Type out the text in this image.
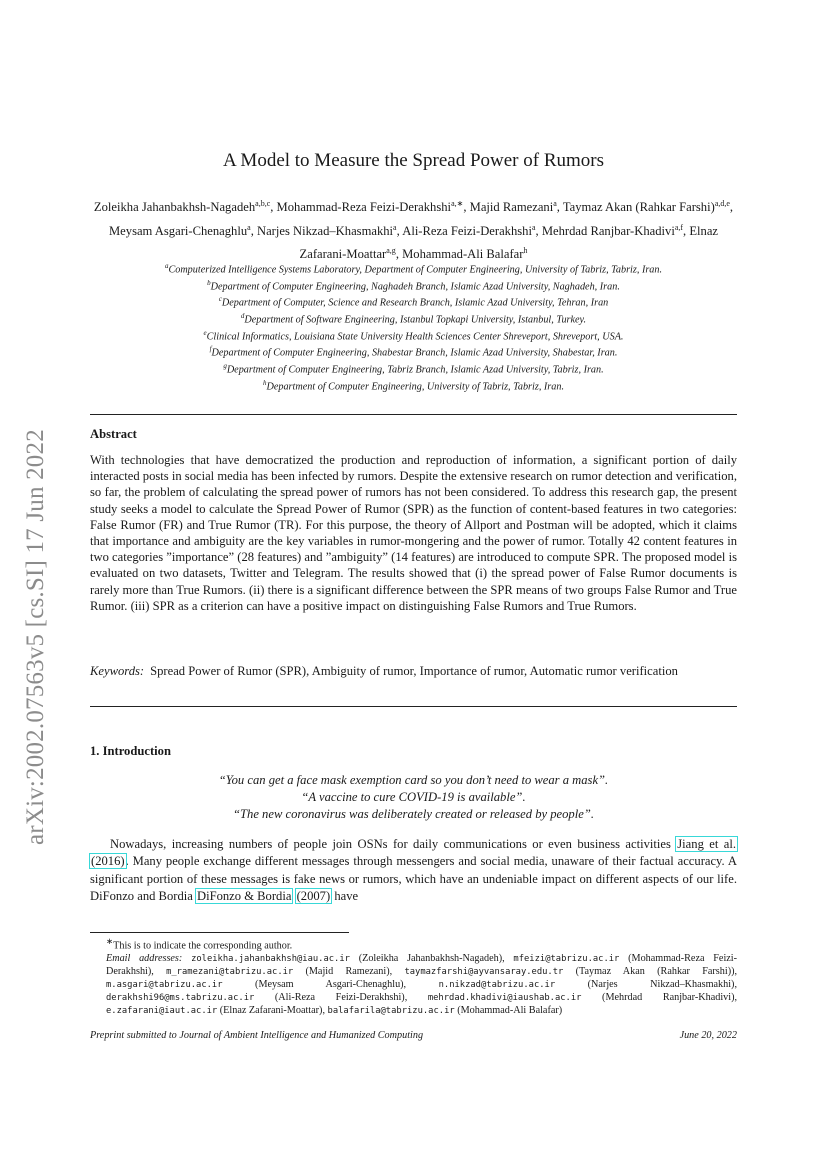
arXiv:2002.07563v5 [cs.SI] 17 Jun 2022
A Model to Measure the Spread Power of Rumors
Zoleikha Jahanbakhsh-Nagadeh$^{a,b,c}$, Mohammad-Reza Feizi-Derakhshi$^{a,∗}$, Majid Ramezani$^a$, Taymaz Akan (Rahkar Farshi)$^{a,d,e}$, Meysam Asgari-Chenaghlu$^a$, Narjes Nikzad–Khasmakhi$^a$, Ali-Reza Feizi-Derakhshi$^a$, Mehrdad Ranjbar-Khadivi$^{a,f}$, Elnaz Zafarani-Moattar$^{a,g}$, Mohammad-Ali Balafar$^h$
$^a$Computerized Intelligence Systems Laboratory, Department of Computer Engineering, University of Tabriz, Tabriz, Iran.
$^b$Department of Computer Engineering, Naghadeh Branch, Islamic Azad University, Naghadeh, Iran.
$^c$Department of Computer, Science and Research Branch, Islamic Azad University, Tehran, Iran
$^d$Department of Software Engineering, Istanbul Topkapi University, Istanbul, Turkey.
$^e$Clinical Informatics, Louisiana State University Health Sciences Center Shreveport, Shreveport, USA.
$^f$Department of Computer Engineering, Shabestar Branch, Islamic Azad University, Shabestar, Iran.
$^g$Department of Computer Engineering, Tabriz Branch, Islamic Azad University, Tabriz, Iran.
$^h$Department of Computer Engineering, University of Tabriz, Tabriz, Iran.
Abstract
With technologies that have democratized the production and reproduction of information, a significant portion of daily interacted posts in social media has been infected by rumors. Despite the extensive research on rumor detection and verification, so far, the problem of calculating the spread power of rumors has not been considered. To address this research gap, the present study seeks a model to calculate the Spread Power of Rumor (SPR) as the function of content-based features in two categories: False Rumor (FR) and True Rumor (TR). For this purpose, the theory of Allport and Postman will be adopted, which it claims that importance and ambiguity are the key variables in rumor-mongering and the power of rumor. Totally 42 content features in two categories ”importance” (28 features) and ”ambiguity” (14 features) are introduced to compute SPR. The proposed model is evaluated on two datasets, Twitter and Telegram. The results showed that (i) the spread power of False Rumor documents is rarely more than True Rumors. (ii) there is a significant difference between the SPR means of two groups False Rumor and True Rumor. (iii) SPR as a criterion can have a positive impact on distinguishing False Rumors and True Rumors.
Keywords: Spread Power of Rumor (SPR), Ambiguity of rumor, Importance of rumor, Automatic rumor verification
1. Introduction
“You can get a face mask exemption card so you don’t need to wear a mask”.
“A vaccine to cure COVID-19 is available”.
“The new coronavirus was deliberately created or released by people”.
Nowadays, increasing numbers of people join OSNs for daily communications or even business activities Jiang et al. (2016). Many people exchange different messages through messengers and social media, unaware of their factual accuracy. A significant portion of these messages is fake news or rumors, which have an undeniable impact on different aspects of our life. DiFonzo and Bordia DiFonzo & Bordia (2007) have
∗This is to indicate the corresponding author.
Email addresses: zoleikha.jahanbakhsh@iau.ac.ir (Zoleikha Jahanbakhsh-Nagadeh), mfeizi@tabrizu.ac.ir (Mohammad-Reza Feizi-Derakhshi), m_ramezani@tabrizu.ac.ir (Majid Ramezani), taymazfarshi@ayvansaray.edu.tr (Taymaz Akan (Rahkar Farshi)), m.asgari@tabrizu.ac.ir	(Meysam Asgari-Chenaghlu), n.nikzad@tabrizu.ac.ir	(Narjes Nikzad–Khasmakhi), derakhshi96@ms.tabrizu.ac.ir (Ali-Reza Feizi-Derakhshi), mehrdad.khadivi@iaushab.ac.ir (Mehrdad Ranjbar-Khadivi), e.zafarani@iaut.ac.ir (Elnaz Zafarani-Moattar), balafarila@tabrizu.ac.ir (Mohammad-Ali Balafar)
Preprint submitted to Journal of Ambient Intelligence and Humanized Computing	June 20, 2022
